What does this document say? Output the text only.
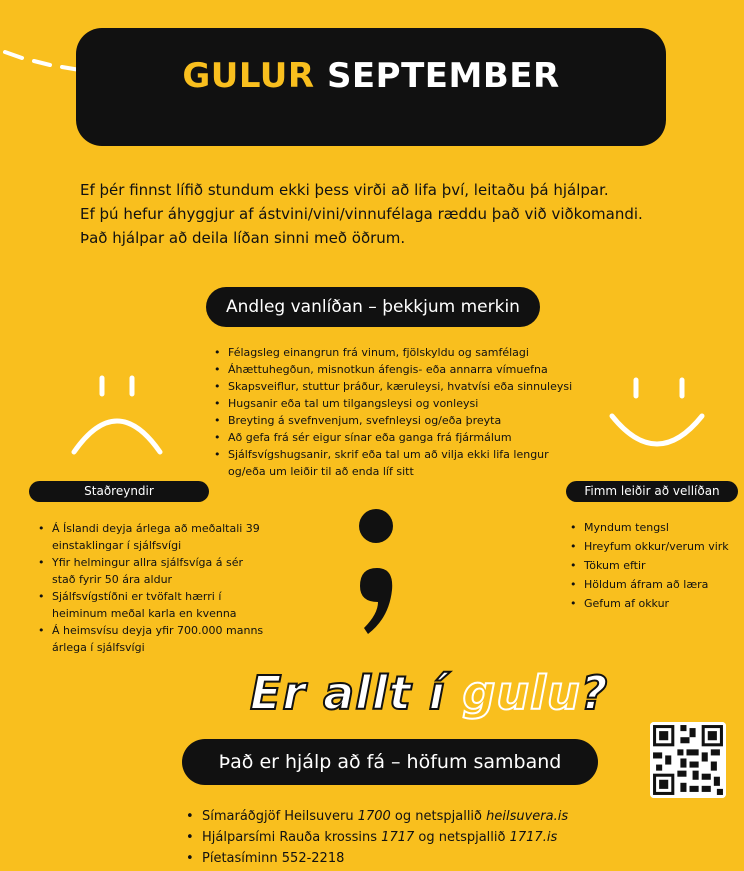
GULUR SEPTEMBER
Ef þér finnst lífið stundum ekki þess virði að lifa því, leitaðu þá hjálpar.
Ef þú hefur áhyggjur af ástvini/vini/vinnufélaga ræddu það við viðkomandi.
Það hjálpar að deila líðan sinni með öðrum.
Andleg vanlíðan – þekkjum merkin
• Félagsleg einangrun frá vinum, fjölskyldu og samfélagi
• Áhættuhegðun, misnotkun áfengis- eða annarra vímuefna
• Skapsveiflur, stuttur þráður, kæruleysi, hvatvísi eða sinnuleysi
• Hugsanir eða tal um tilgangsleysi og vonleysi
• Breyting á svefnvenjum, svefnleysi og/eða þreyta
• Að gefa frá sér eigur sínar eða ganga frá fjármálum
• Sjálfsvígshugsanir, skrif eða tal um að vilja ekki lifa lengur og/eða um leiðir til að enda líf sitt
Staðreyndir	Fimm leiðir að vellíðan
• Á Íslandi deyja árlega að meðaltali 39 einstaklingar í sjálfsvígi
• Yfir helmingur allra sjálfsvíga á sér stað fyrir 50 ára aldur
• Sjálfsvígstíðni er tvöfalt hærri í heiminum meðal karla en kvenna
• Á heimsvísu deyja yfir 700.000 manns árlega í sjálfsvígi
• Myndum tengsl
• Hreyfum okkur/verum virk
• Tökum eftir
• Höldum áfram að læra
• Gefum af okkur
Er allt í gulu?
Það er hjálp að fá – höfum samband
• Símaráðgjöf Heilsuveru 1700 og netspjallið heilsuvera.is
• Hjálparsími Rauða krossins 1717 og netspjallið 1717.is
• Píetasíminn 552-2218
